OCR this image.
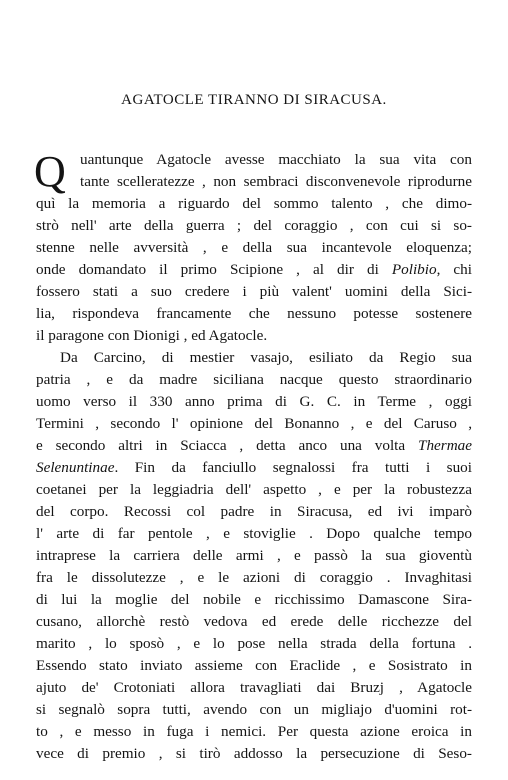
AGATOCLE TIRANNO DI SIRACUSA.
Q uantunque Agatocle avesse macchiato la sua vita con
tante scelleratezze , non sembraci disconvenevole riprodurne
quì la memoria a riguardo del sommo talento , che dimo-
strò nell' arte della guerra ; del coraggio , con cui si so-
stenne nelle avversità , e della sua incantevole eloquenza;
onde domandato il primo Scipione , al dir di Polibio, chi
fossero stati a suo credere i più valent' uomini della Sici-
lia, rispondeva francamente che nessuno potesse sostenere
il paragone con Dionigi , ed Agatocle.
Da Carcino, di mestier vasajo, esiliato da Regio sua
patria , e da madre siciliana nacque questo straordinario
uomo verso il 330 anno prima di G. C. in Terme , oggi
Termini , secondo l' opinione del Bonanno , e del Caruso ,
e secondo altri in Sciacca , detta anco una volta Thermae
Selenuntinae. Fin da fanciullo segnalossi fra tutti i suoi
coetanei per la leggiadria dell' aspetto , e per la robustezza
del corpo. Recossi col padre in Siracusa, ed ivi imparò
l' arte di far pentole , e stoviglie . Dopo qualche tempo
intraprese la carriera delle armi , e passò la sua gioventù
fra le dissolutezze , e le azioni di coraggio . Invaghitasi
di lui la moglie del nobile e ricchissimo Damascone Sira-
cusano, allorchè restò vedova ed erede delle ricchezze del
marito , lo sposò , e lo pose nella strada della fortuna .
Essendo stato inviato assieme con Eraclide , e Sosistrato in
ajuto de' Crotoniati allora travagliati dai Bruzj , Agatocle
si segnalò sopra tutti, avendo con un migliajo d'uomini rot-
to , e messo in fuga i nemici. Per questa azione eroica in
vece di premio , si tirò addosso la persecuzione di Seso-
